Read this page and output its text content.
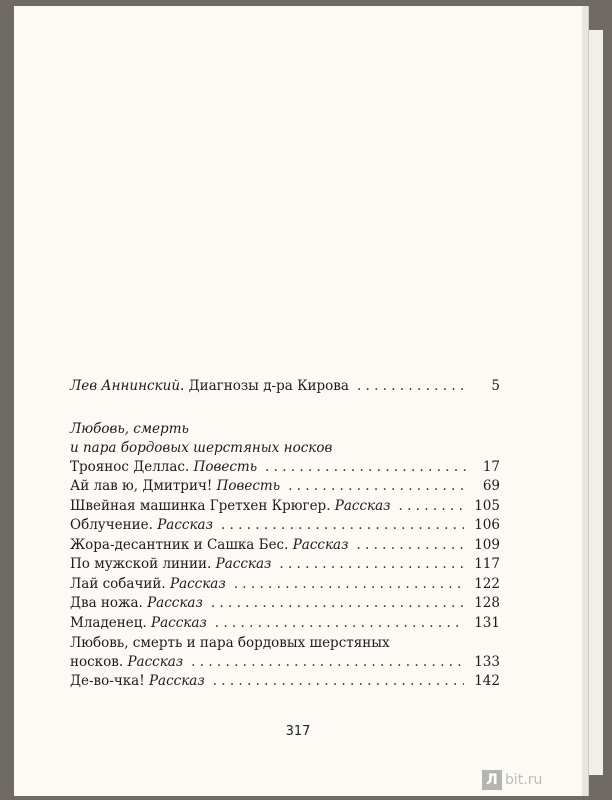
Лев Аннинский. Диагнозы д-ра Кирова . . .	5
Любовь, смерть
и пара бордовых шерстяных носков
Троянос Деллас. Повесть . . .	17
Ай лав ю, Дмитрич! Повесть . . .	69
Швейная машинка Гретхен Крюгер. Рассказ . . .	105
Облучение. Рассказ . . .	106
Жора-десантник и Сашка Бес. Рассказ . . .	109
По мужской линии. Рассказ . . .	117
Лай собачий. Рассказ . . .	122
Два ножа. Рассказ . . .	128
Младенец. Рассказ . . .	131
Любовь, смерть и пара бордовых шерстяных
носков. Рассказ . . .	133
Де-во-чка! Рассказ . . .	142
317
Л bit.ru
